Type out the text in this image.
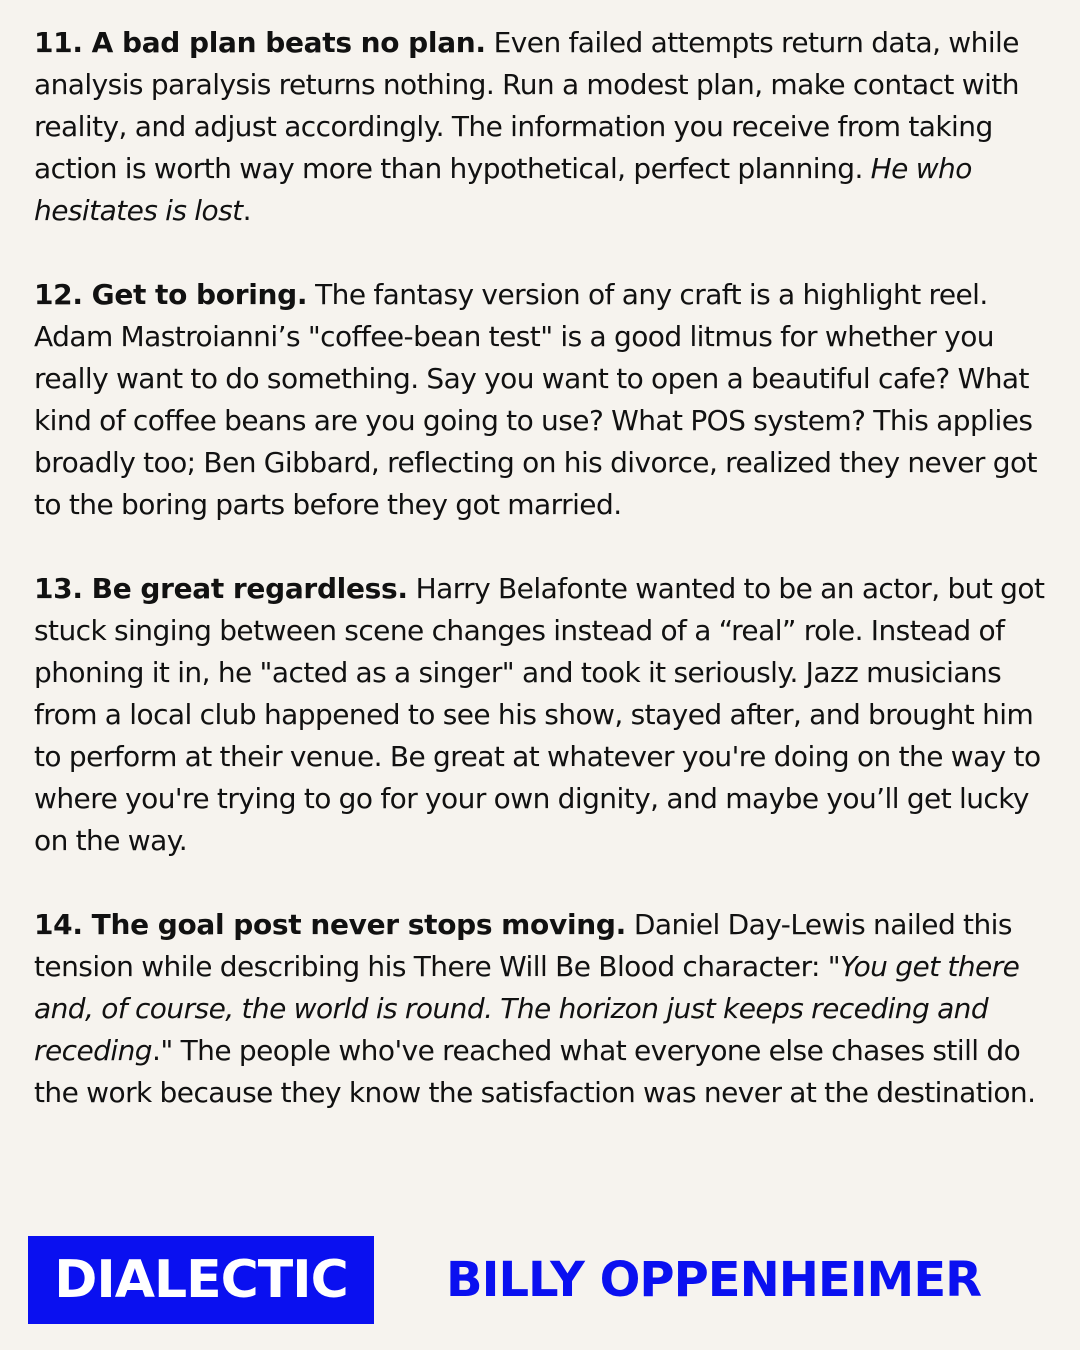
11. A bad plan beats no plan. Even failed attempts return data, while analysis paralysis returns nothing. Run a modest plan, make contact with reality, and adjust accordingly. The information you receive from taking action is worth way more than hypothetical, perfect planning. He who hesitates is lost.

12. Get to boring. The fantasy version of any craft is a highlight reel. Adam Mastroianni’s "coffee-bean test" is a good litmus for whether you really want to do something. Say you want to open a beautiful cafe? What kind of coffee beans are you going to use? What POS system? This applies broadly too; Ben Gibbard, reflecting on his divorce, realized they never got to the boring parts before they got married.

13. Be great regardless. Harry Belafonte wanted to be an actor, but got stuck singing between scene changes instead of a “real” role. Instead of phoning it in, he "acted as a singer" and took it seriously. Jazz musicians from a local club happened to see his show, stayed after, and brought him to perform at their venue. Be great at whatever you're doing on the way to where you're trying to go for your own dignity, and maybe you’ll get lucky on the way.

14. The goal post never stops moving. Daniel Day-Lewis nailed this tension while describing his There Will Be Blood character: "You get there and, of course, the world is round. The horizon just keeps receding and receding." The people who've reached what everyone else chases still do the work because they know the satisfaction was never at the destination.

DIALECTIC BILLY OPPENHEIMER
